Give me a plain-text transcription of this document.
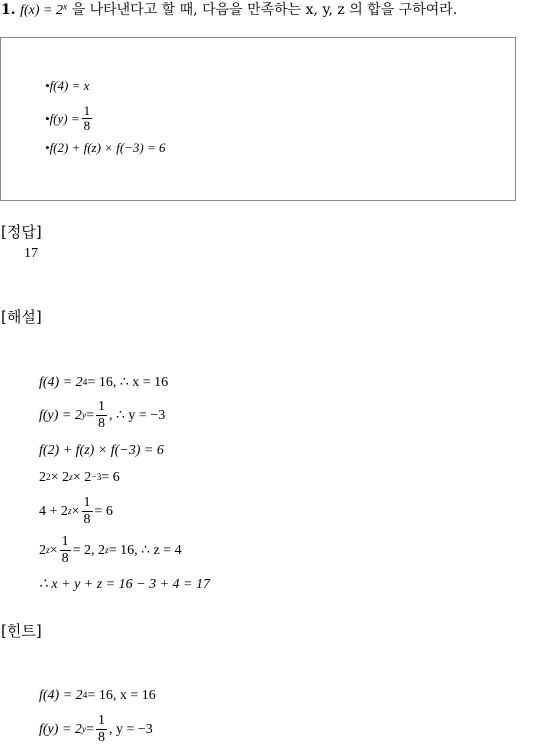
1. $f(x) = 2^x$ 을 나타낸다고 할 때, 다음을 만족하는 x, y, z 의 합을 구하여라.
• f(4) = x
• $f(y) = \frac{1}{8}$
• f(2) + f(z) × f(−3) = 6
[정답]
17
[해설]
f(4) = 2 4 = 16, ∴ x = 16
f(y) = 2 $y = \frac{1}{8}$ , ∴ y = −3
f(2) + f(z) × f(−3) = 6
2 2 × 2 z × 2 −3 = 6
4 + 2 $z \times \frac{1}{8} = 6$
2 $z \times \frac{1}{8} = 2$, 2 z = 16, ∴ z = 4
∴ x + y + z = 16 − 3 + 4 = 17
[힌트]
f(4) = 2 4 = 16, x = 16
f(y) = 2 $y = \frac{1}{8}$ , y = −3
